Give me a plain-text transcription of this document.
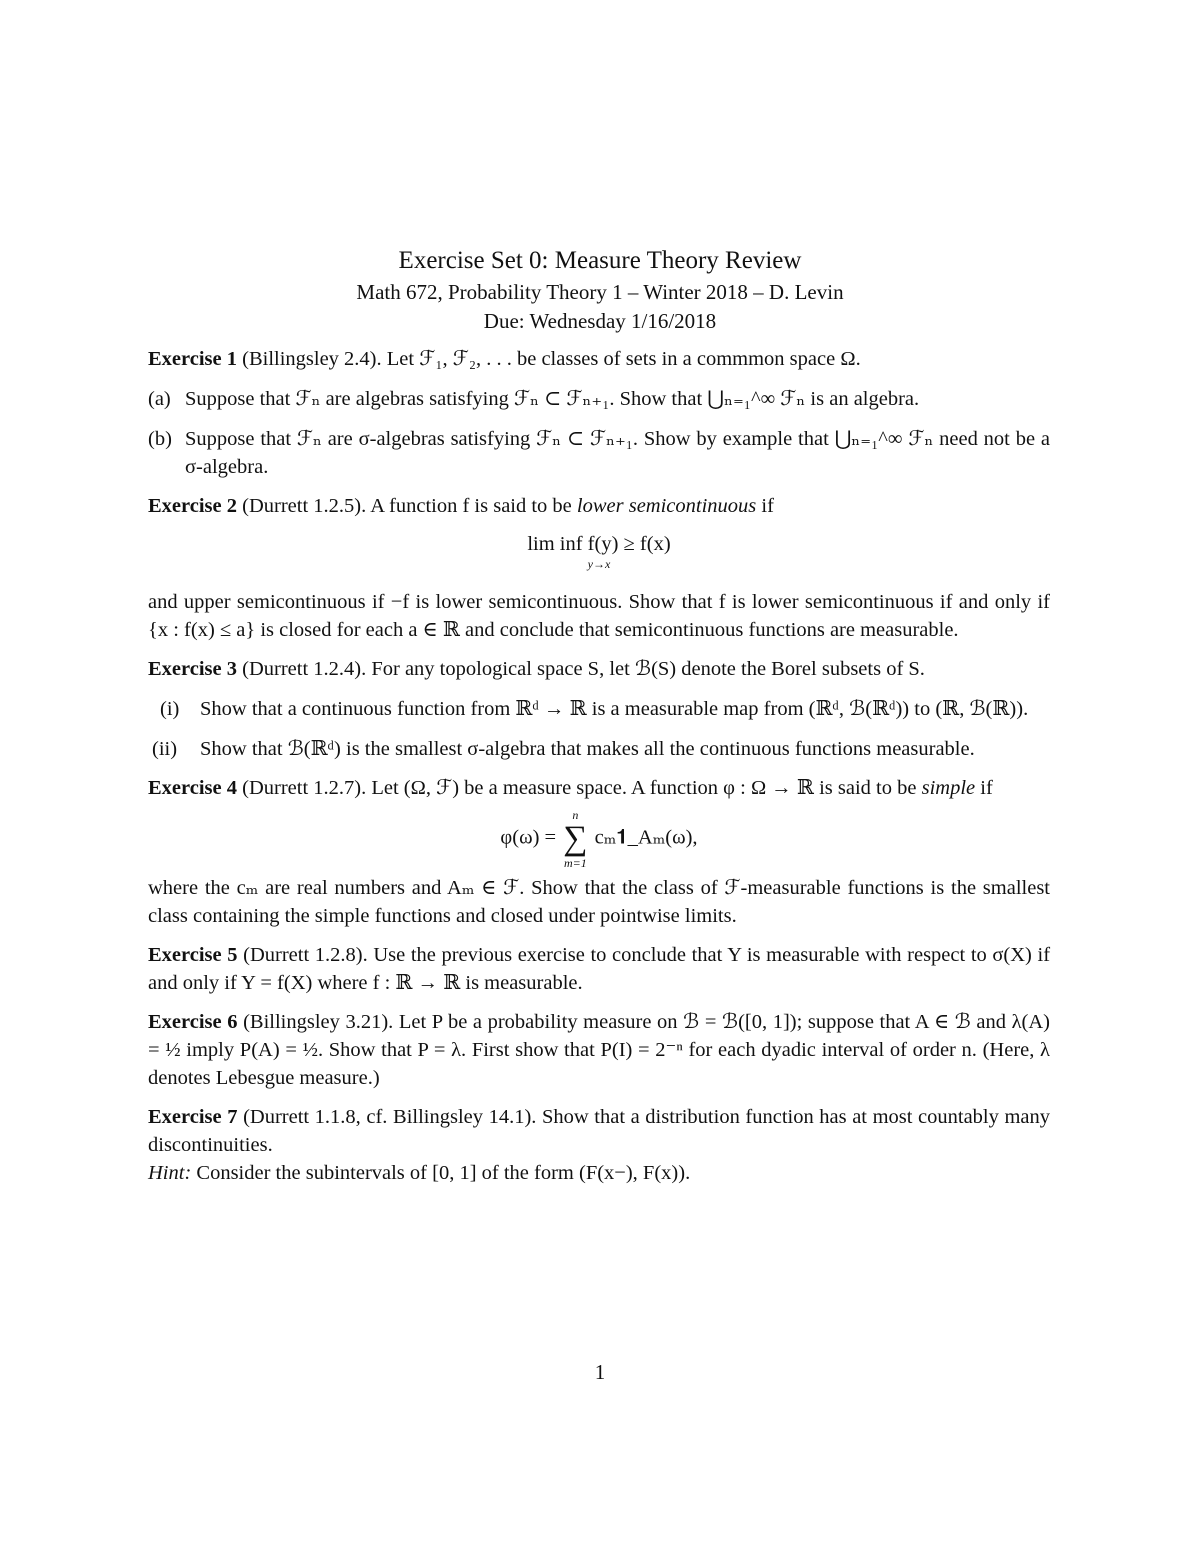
Exercise Set 0: Measure Theory Review
Math 672, Probability Theory 1 – Winter 2018 – D. Levin
Due: Wednesday 1/16/2018

Exercise 1 (Billingsley 2.4). Let ℱ₁, ℱ₂, . . . be classes of sets in a commmon space Ω.

(a) Suppose that ℱₙ are algebras satisfying ℱₙ ⊂ ℱₙ₊₁. Show that ⋃ₙ₌₁^∞ ℱₙ is an algebra.
(b) Suppose that ℱₙ are σ-algebras satisfying ℱₙ ⊂ ℱₙ₊₁. Show by example that ⋃ₙ₌₁^∞ ℱₙ need not be a σ-algebra.

Exercise 2 (Durrett 1.2.5). A function f is said to be lower semicontinuous if

lim inf f(y) ≥ f(x)
y→x

and upper semicontinuous if −f is lower semicontinuous. Show that f is lower semicontinuous if and only if {x : f(x) ≤ a} is closed for each a ∈ ℝ and conclude that semicontinuous functions are measurable.

Exercise 3 (Durrett 1.2.4). For any topological space S, let ℬ(S) denote the Borel subsets of S.

(i) Show that a continuous function from ℝᵈ → ℝ is a measurable map from (ℝᵈ, ℬ(ℝᵈ)) to (ℝ, ℬ(ℝ)).
(ii) Show that ℬ(ℝᵈ) is the smallest σ-algebra that makes all the continuous functions measurable.

Exercise 4 (Durrett 1.2.7). Let (Ω, ℱ) be a measure space. A function φ : Ω → ℝ is said to be simple if

φ(ω) =
n
∑
m=1
cₘ𝟏_Aₘ(ω),

where the cₘ are real numbers and Aₘ ∈ ℱ. Show that the class of ℱ-measurable functions is the smallest class containing the simple functions and closed under pointwise limits.

Exercise 5 (Durrett 1.2.8). Use the previous exercise to conclude that Y is measurable with respect to σ(X) if and only if Y = f(X) where f : ℝ → ℝ is measurable.

Exercise 6 (Billingsley 3.21). Let P be a probability measure on ℬ = ℬ([0, 1]); suppose that A ∈ ℬ and λ(A) = ½ imply P(A) = ½. Show that P = λ. First show that P(I) = 2⁻ⁿ for each dyadic interval of order n. (Here, λ denotes Lebesgue measure.)

Exercise 7 (Durrett 1.1.8, cf. Billingsley 14.1). Show that a distribution function has at most countably many discontinuities.

Hint: Consider the subintervals of [0, 1] of the form (F(x−), F(x)).

1
